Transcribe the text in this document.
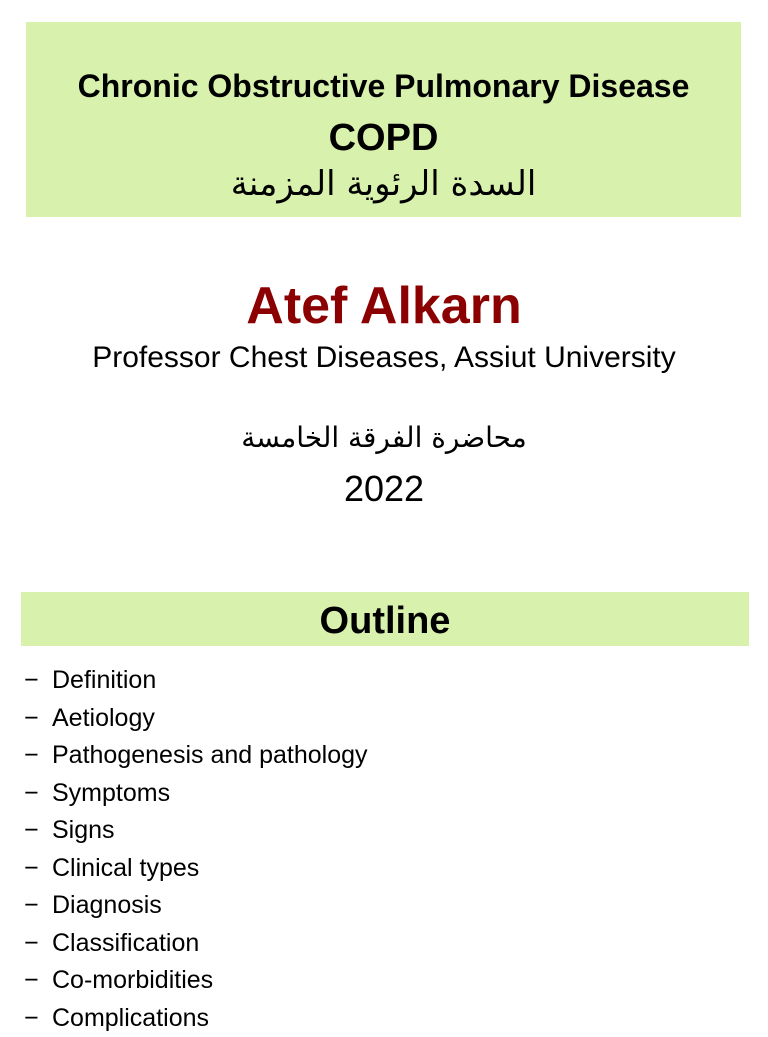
Chronic Obstructive Pulmonary Disease
COPD
السدة الرئوية المزمنة
Atef Alkarn
Professor Chest Diseases, Assiut University
محاضرة الفرقة الخامسة
2022
Outline
− Definition
− Aetiology
− Pathogenesis and pathology
− Symptoms
− Signs
− Clinical types
− Diagnosis
− Classification
− Co-morbidities
− Complications
